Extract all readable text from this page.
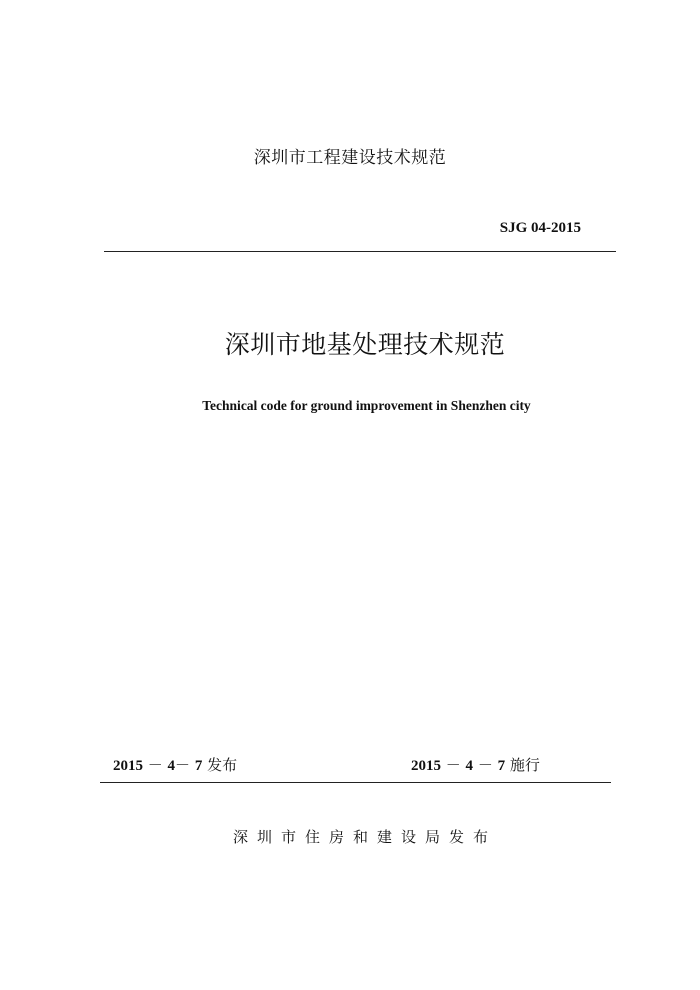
深圳市工程建设技术规范
SJG 04-2015
深圳市地基处理技术规范
Technical code for ground improvement in Shenzhen city
2015 － 4－ 7 发布	2015 － 4 － 7 施行
深圳市住房和建设局发布
